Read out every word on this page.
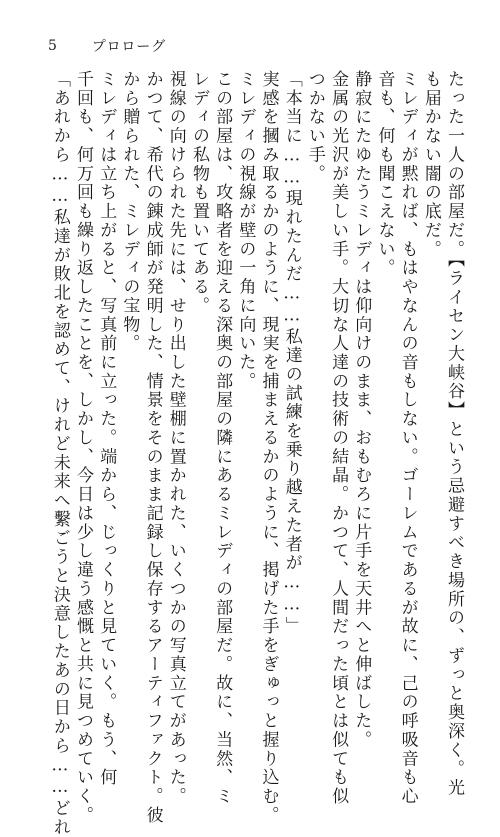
5 プロローグ
たった一人の部屋だ。【ライセン大峡谷】という忌避すべき場所の、ずっと奥深く。光
も届かない闇の底だ。
ミレディが黙れば、もはやなんの音もしない。ゴーレムであるが故に、己の呼吸音も心
音も、何も聞こえない。
静寂にたゆたうミレディは仰向けのまま、おもむろに片手を天井へと伸ばした。
金属の光沢が美しい手。大切な人達の技術の結晶。かつて、人間だった頃とは似ても似
つかない手。
「本当に……現れたんだ……私達の試練を乗り越えた者が……」
実感を摑み取るかのように、現実を捕まえるかのように、掲げた手をぎゅっと握り込む。
ミレディの視線が壁の一角に向いた。
この部屋は、攻略者を迎える深奥の部屋の隣にあるミレディの部屋だ。故に、当然、ミ
レディの私物も置いてある。
視線の向けられた先には、せり出した壁棚に置かれた、いくつかの写真立てがあった。
かつて、希代の錬成師が発明した、情景をそのまま記録し保存するアーティファクト。彼
から贈られた、ミレディの宝物。
ミレディは立ち上がると、写真前に立った。端から、じっくりと見ていく。もう、何
千回も、何万回も繰り返したことを、しかし、今日は少し違う感慨と共に見つめていく。
「あれから……私達が敗北を認めて、けれど未来へ繫ごうと決意したあの日から……どれ
